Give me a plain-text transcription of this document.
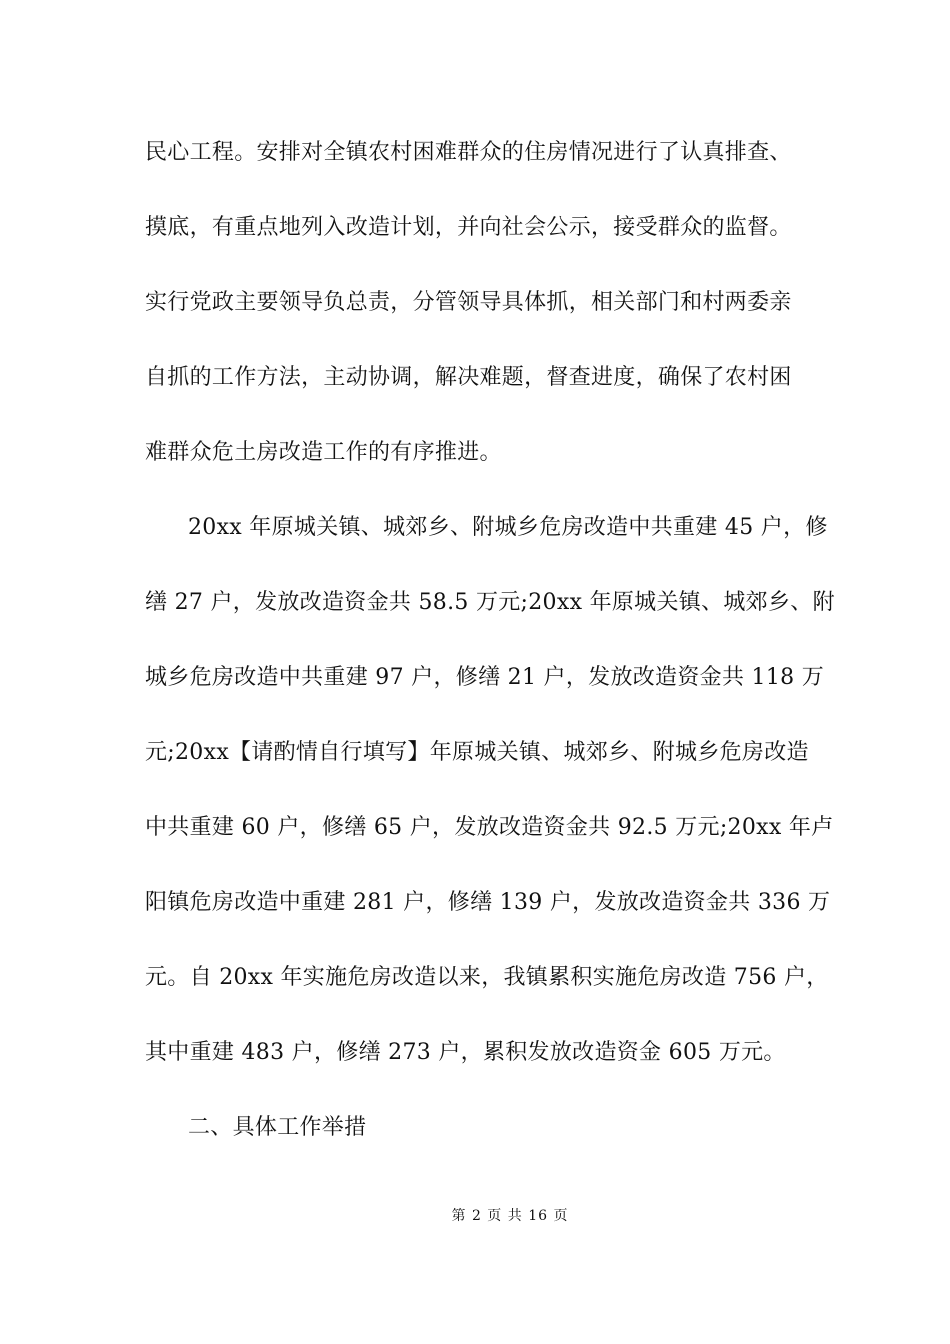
民心工程。安排对全镇农村困难群众的住房情况进行了认真排查、
摸底，有重点地列入改造计划，并向社会公示，接受群众的监督。
实行党政主要领导负总责，分管领导具体抓，相关部门和村两委亲
自抓的工作方法，主动协调，解决难题，督查进度，确保了农村困
难群众危土房改造工作的有序推进。
20xx 年原城关镇、城郊乡、附城乡危房改造中共重建 45 户，修
缮 27 户，发放改造资金共 58.5 万元;20xx 年原城关镇、城郊乡、附
城乡危房改造中共重建 97 户，修缮 21 户，发放改造资金共 118 万
元;20xx【请酌情自行填写】年原城关镇、城郊乡、附城乡危房改造
中共重建 60 户，修缮 65 户，发放改造资金共 92.5 万元;20xx 年卢
阳镇危房改造中重建 281 户，修缮 139 户，发放改造资金共 336 万
元。自 20xx 年实施危房改造以来，我镇累积实施危房改造 756 户，
其中重建 483 户，修缮 273 户，累积发放改造资金 605 万元。
二、具体工作举措
第 2 页 共 16 页
